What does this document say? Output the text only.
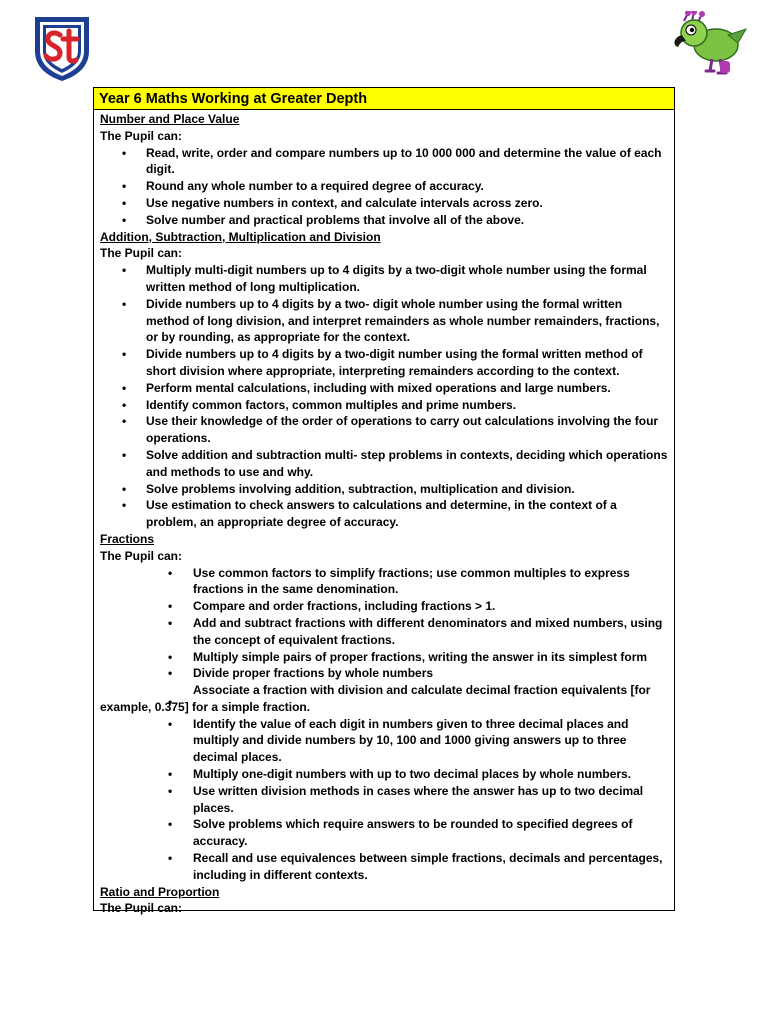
Year 6 Maths Working at Greater Depth
Number and Place Value
The Pupil can:
• Read, write, order and compare numbers up to 10 000 000 and determine the value of each digit.
• Round any whole number to a required degree of accuracy.
• Use negative numbers in context, and calculate intervals across zero.
• Solve number and practical problems that involve all of the above.
Addition, Subtraction, Multiplication and Division
The Pupil can:
• Multiply multi-digit numbers up to 4 digits by a two-digit whole number using the formal written method of long multiplication.
• Divide numbers up to 4 digits by a two- digit whole number using the formal written method of long division, and interpret remainders as whole number remainders, fractions, or by rounding, as appropriate for the context.
• Divide numbers up to 4 digits by a two-digit number using the formal written method of short division where appropriate, interpreting remainders according to the context.
• Perform mental calculations, including with mixed operations and large numbers.
• Identify common factors, common multiples and prime numbers.
• Use their knowledge of the order of operations to carry out calculations involving the four operations.
• Solve addition and subtraction multi- step problems in contexts, deciding which operations and methods to use and why.
• Solve problems involving addition, subtraction, multiplication and division.
• Use estimation to check answers to calculations and determine, in the context of a problem, an appropriate degree of accuracy.
Fractions
The Pupil can:
• Use common factors to simplify fractions; use common multiples to express fractions in the same denomination.
• Compare and order fractions, including fractions > 1.
• Add and subtract fractions with different denominators and mixed numbers, using the concept of equivalent fractions.
• Multiply simple pairs of proper fractions, writing the answer in its simplest form
• Divide proper fractions by whole numbers
Associate a fraction with division and calculate decimal fraction equivalents [for example, 0.375] for a simple fraction.
• Identify the value of each digit in numbers given to three decimal places and multiply and divide numbers by 10, 100 and 1000 giving answers up to three decimal places.
• Multiply one-digit numbers with up to two decimal places by whole numbers.
• Use written division methods in cases where the answer has up to two decimal places.
• Solve problems which require answers to be rounded to specified degrees of accuracy.
• Recall and use equivalences between simple fractions, decimals and percentages, including in different contexts.
Ratio and Proportion
The Pupil can:
